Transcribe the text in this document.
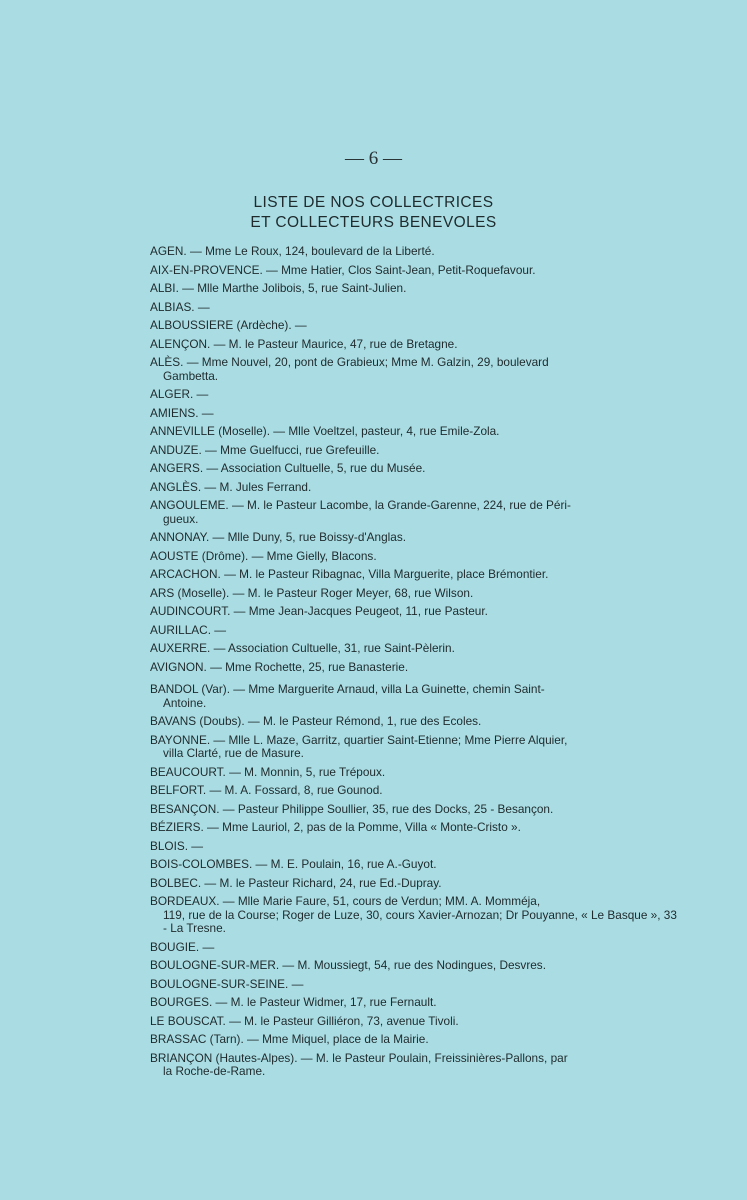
— 6 —
LISTE DE NOS COLLECTRICES
ET COLLECTEURS BENEVOLES
AGEN. — Mme Le Roux, 124, boulevard de la Liberté.
AIX-EN-PROVENCE. — Mme Hatier, Clos Saint-Jean, Petit-Roquefavour.
ALBI. — Mlle Marthe Jolibois, 5, rue Saint-Julien.
ALBIAS. —
ALBOUSSIERE (Ardèche). —
ALENÇON. — M. le Pasteur Maurice, 47, rue de Bretagne.
ALÈS. — Mme Nouvel, 20, pont de Grabieux; Mme M. Galzin, 29, boulevard
Gambetta.
ALGER. —
AMIENS. —
ANNEVILLE (Moselle). — Mlle Voeltzel, pasteur, 4, rue Emile-Zola.
ANDUZE. — Mme Guelfucci, rue Grefeuille.
ANGERS. — Association Cultuelle, 5, rue du Musée.
ANGLÈS. — M. Jules Ferrand.
ANGOULEME. — M. le Pasteur Lacombe, la Grande-Garenne, 224, rue de Péri-
gueux.
ANNONAY. — Mlle Duny, 5, rue Boissy-d'Anglas.
AOUSTE (Drôme). — Mme Gielly, Blacons.
ARCACHON. — M. le Pasteur Ribagnac, Villa Marguerite, place Brémontier.
ARS (Moselle). — M. le Pasteur Roger Meyer, 68, rue Wilson.
AUDINCOURT. — Mme Jean-Jacques Peugeot, 11, rue Pasteur.
AURILLAC. —
AUXERRE. — Association Cultuelle, 31, rue Saint-Pèlerin.
AVIGNON. — Mme Rochette, 25, rue Banasterie.
BANDOL (Var). — Mme Marguerite Arnaud, villa La Guinette, chemin Saint-
Antoine.
BAVANS (Doubs). — M. le Pasteur Rémond, 1, rue des Ecoles.
BAYONNE. — Mlle L. Maze, Garritz, quartier Saint-Etienne; Mme Pierre Alquier,
villa Clarté, rue de Masure.
BEAUCOURT. — M. Monnin, 5, rue Trépoux.
BELFORT. — M. A. Fossard, 8, rue Gounod.
BESANÇON. — Pasteur Philippe Soullier, 35, rue des Docks, 25 - Besançon.
BÉZIERS. — Mme Lauriol, 2, pas de la Pomme, Villa « Monte-Cristo ».
BLOIS. —
BOIS-COLOMBES. — M. E. Poulain, 16, rue A.-Guyot.
BOLBEC. — M. le Pasteur Richard, 24, rue Ed.-Dupray.
BORDEAUX. — Mlle Marie Faure, 51, cours de Verdun; MM. A. Momméja,
119, rue de la Course; Roger de Luze, 30, cours Xavier-Arnozan; Dr Pouyanne, « Le Basque », 33 - La Tresne.
BOUGIE. —
BOULOGNE-SUR-MER. — M. Moussiegt, 54, rue des Nodingues, Desvres.
BOULOGNE-SUR-SEINE. —
BOURGES. — M. le Pasteur Widmer, 17, rue Fernault.
LE BOUSCAT. — M. le Pasteur Gilliéron, 73, avenue Tivoli.
BRASSAC (Tarn). — Mme Miquel, place de la Mairie.
BRIANÇON (Hautes-Alpes). — M. le Pasteur Poulain, Freissinières-Pallons, par
la Roche-de-Rame.
